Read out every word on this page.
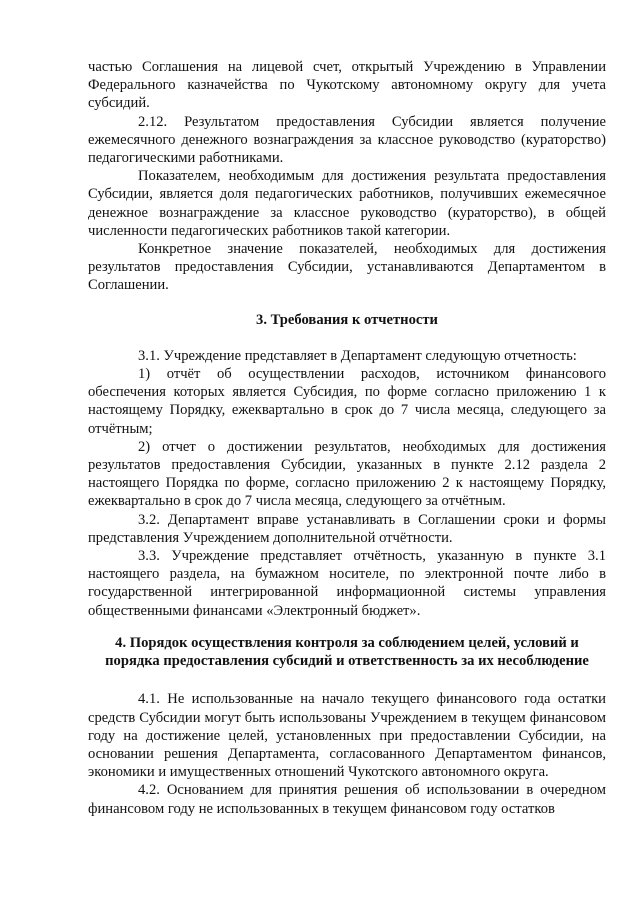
частью Соглашения на лицевой счет, открытый Учреждению в Управлении Федерального казначейства по Чукотскому автономному округу для учета субсидий.

2.12. Результатом предоставления Субсидии является получение ежемесячного денежного вознаграждения за классное руководство (кураторство) педагогическими работниками.

Показателем, необходимым для достижения результата предоставления Субсидии, является доля педагогических работников, получивших ежемесячное денежное вознаграждение за классное руководство (кураторство), в общей численности педагогических работников такой категории.

Конкретное значение показателей, необходимых для достижения результатов предоставления Субсидии, устанавливаются Департаментом в Соглашении.

3. Требования к отчетности

3.1. Учреждение представляет в Департамент следующую отчетность:

1) отчёт об осуществлении расходов, источником финансового обеспечения которых является Субсидия, по форме согласно приложению 1 к настоящему Порядку, ежеквартально в срок до 7 числа месяца, следующего за отчётным;

2) отчет о достижении результатов, необходимых для достижения результатов предоставления Субсидии, указанных в пункте 2.12 раздела 2 настоящего Порядка по форме, согласно приложению 2 к настоящему Порядку, ежеквартально в срок до 7 числа месяца, следующего за отчётным.

3.2. Департамент вправе устанавливать в Соглашении сроки и формы представления Учреждением дополнительной отчётности.

3.3. Учреждение представляет отчётность, указанную в пункте 3.1 настоящего раздела, на бумажном носителе, по электронной почте либо в государственной интегрированной информационной системы управления общественными финансами «Электронный бюджет».

4. Порядок осуществления контроля за соблюдением целей, условий и
порядка предоставления субсидий и ответственность за их несоблюдение

4.1. Не использованные на начало текущего финансового года остатки средств Субсидии могут быть использованы Учреждением в текущем финансовом году на достижение целей, установленных при предоставлении Субсидии, на основании решения Департамента, согласованного Департаментом финансов, экономики и имущественных отношений Чукотского автономного округа.

4.2. Основанием для принятия решения об использовании в очередном финансовом году не использованных в текущем финансовом году остатков
